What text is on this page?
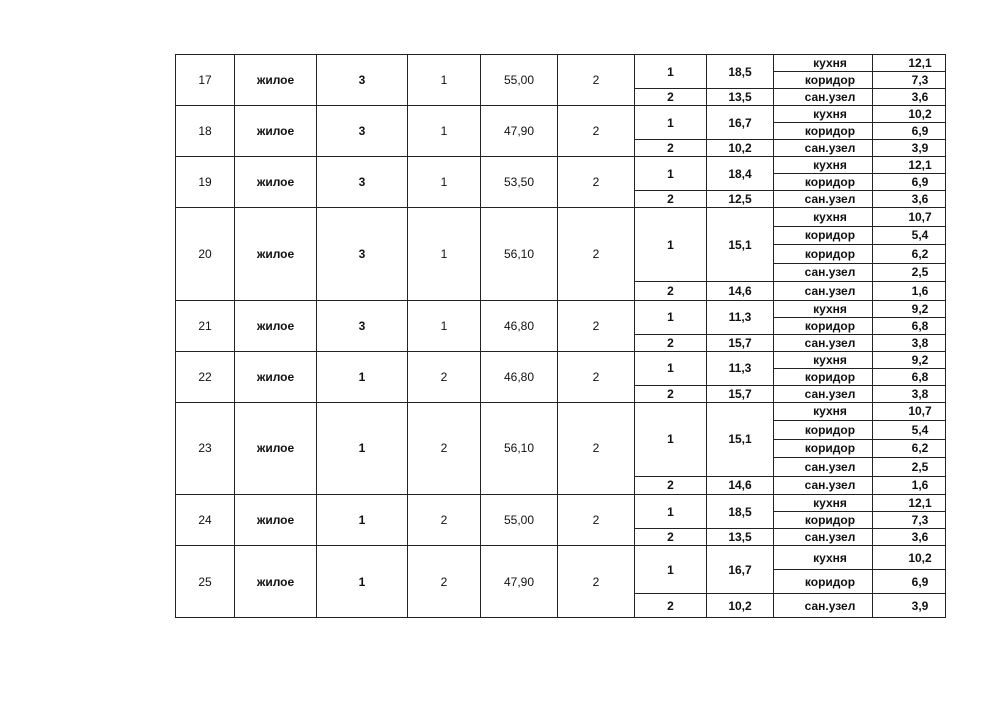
17	жилое	3	1	55,00	2	1	18,5	кухня	12,1
								коридор	7,3
						2	13,5	сан.узел	3,6
18	жилое	3	1	47,90	2	1	16,7	кухня	10,2
								коридор	6,9
						2	10,2	сан.узел	3,9
19	жилое	3	1	53,50	2	1	18,4	кухня	12,1
								коридор	6,9
						2	12,5	сан.узел	3,6
20	жилое	3	1	56,10	2	1	15,1	кухня	10,7
								коридор	5,4
								коридор	6,2
								сан.узел	2,5
						2	14,6	сан.узел	1,6
21	жилое	3	1	46,80	2	1	11,3	кухня	9,2
								коридор	6,8
						2	15,7	сан.узел	3,8
22	жилое	1	2	46,80	2	1	11,3	кухня	9,2
								коридор	6,8
						2	15,7	сан.узел	3,8
23	жилое	1	2	56,10	2	1	15,1	кухня	10,7
								коридор	5,4
								коридор	6,2
								сан.узел	2,5
						2	14,6	сан.узел	1,6
24	жилое	1	2	55,00	2	1	18,5	кухня	12,1
								коридор	7,3
						2	13,5	сан.узел	3,6
25	жилое	1	2	47,90	2	1	16,7	кухня	10,2
								коридор	6,9
						2	10,2	сан.узел	3,9
